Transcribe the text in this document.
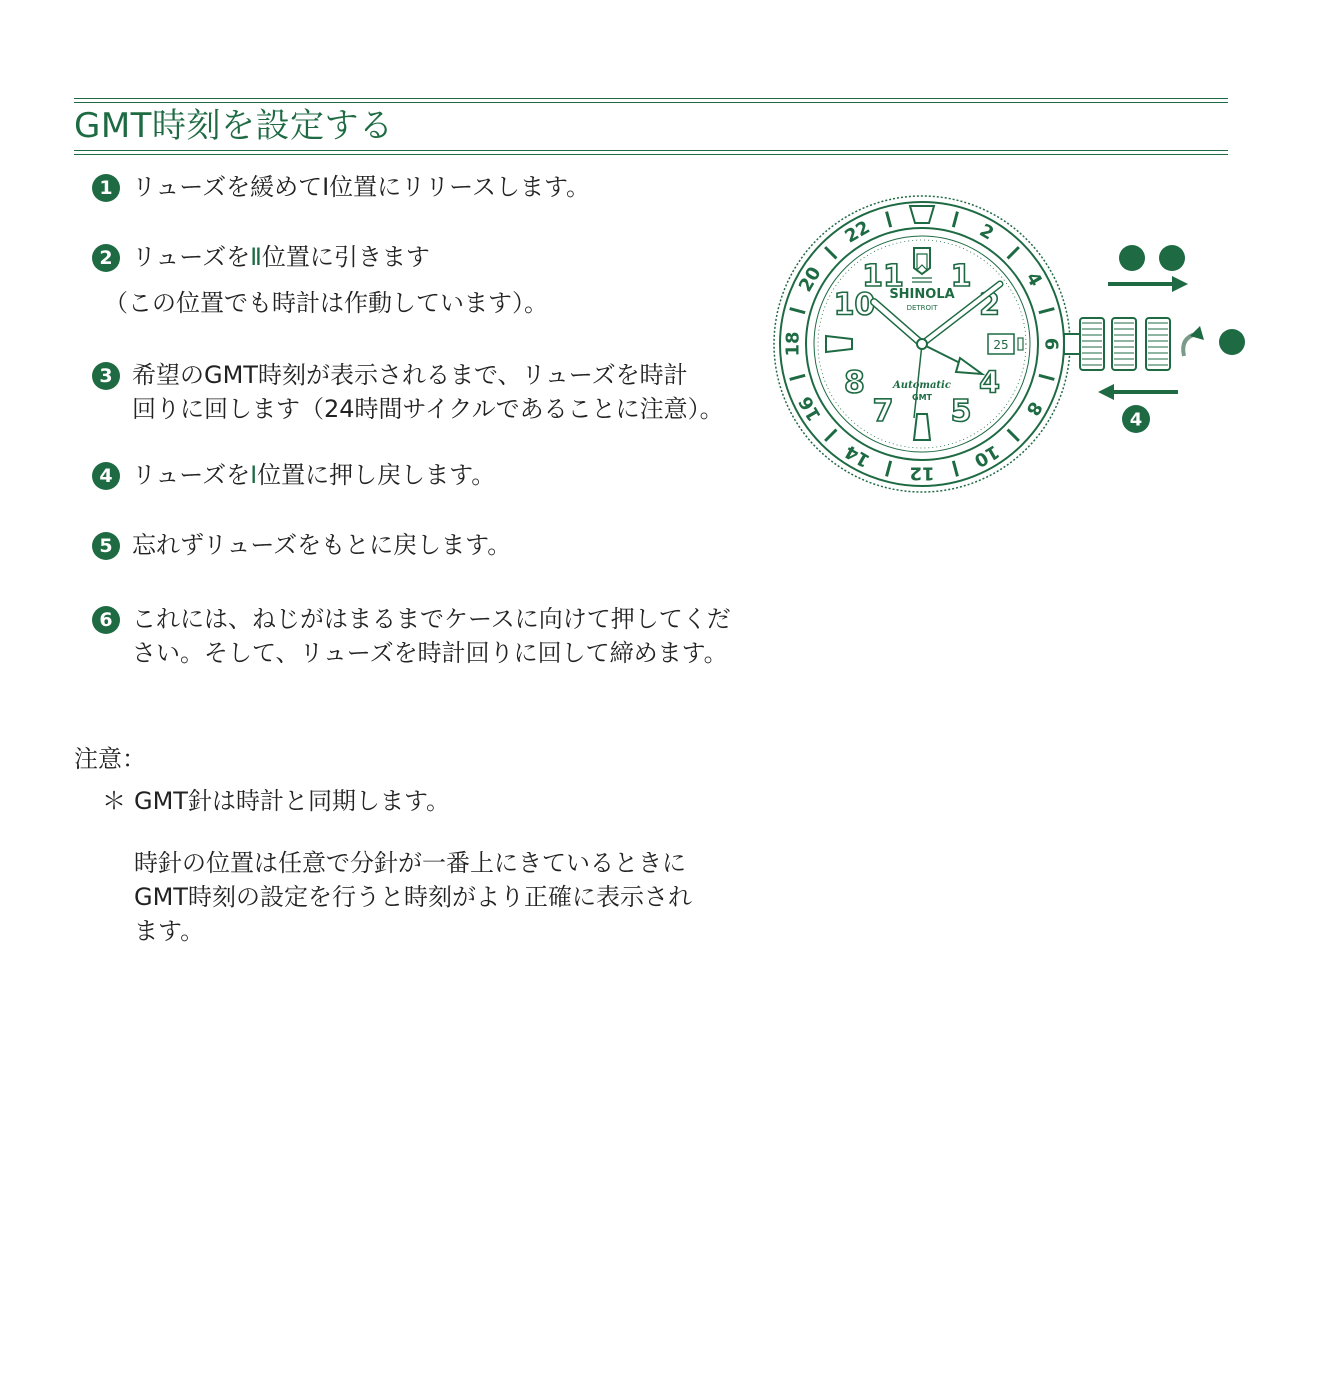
GMT時刻を設定する
1 リューズを緩めてⅠ位置にリリースします。
2 リューズをⅡ位置に引きます
（この位置でも時計は作動しています）。
3 希望のGMT時刻が表示されるまで、リューズを時計
回りに回します（24時間サイクルであることに注意）。
4 リューズをⅠ位置に押し戻します。
5 忘れずリューズをもとに戻します。
6 これには、ねじがはまるまでケースに向けて押してくだ
さい。そして、リューズを時計回りに回して締めます。
注意：
＊ GMT針は時計と同期します。
時針の位置は任意で分針が一番上にきているときに
GMT時刻の設定を行うと時刻がより正確に表示され
ます。
2
4
6
8
10
12
14
16
18
20
22
1
2
4
5
7
8
10
11
25
SHINOLA
DETROIT
Automatic
GMT
4
